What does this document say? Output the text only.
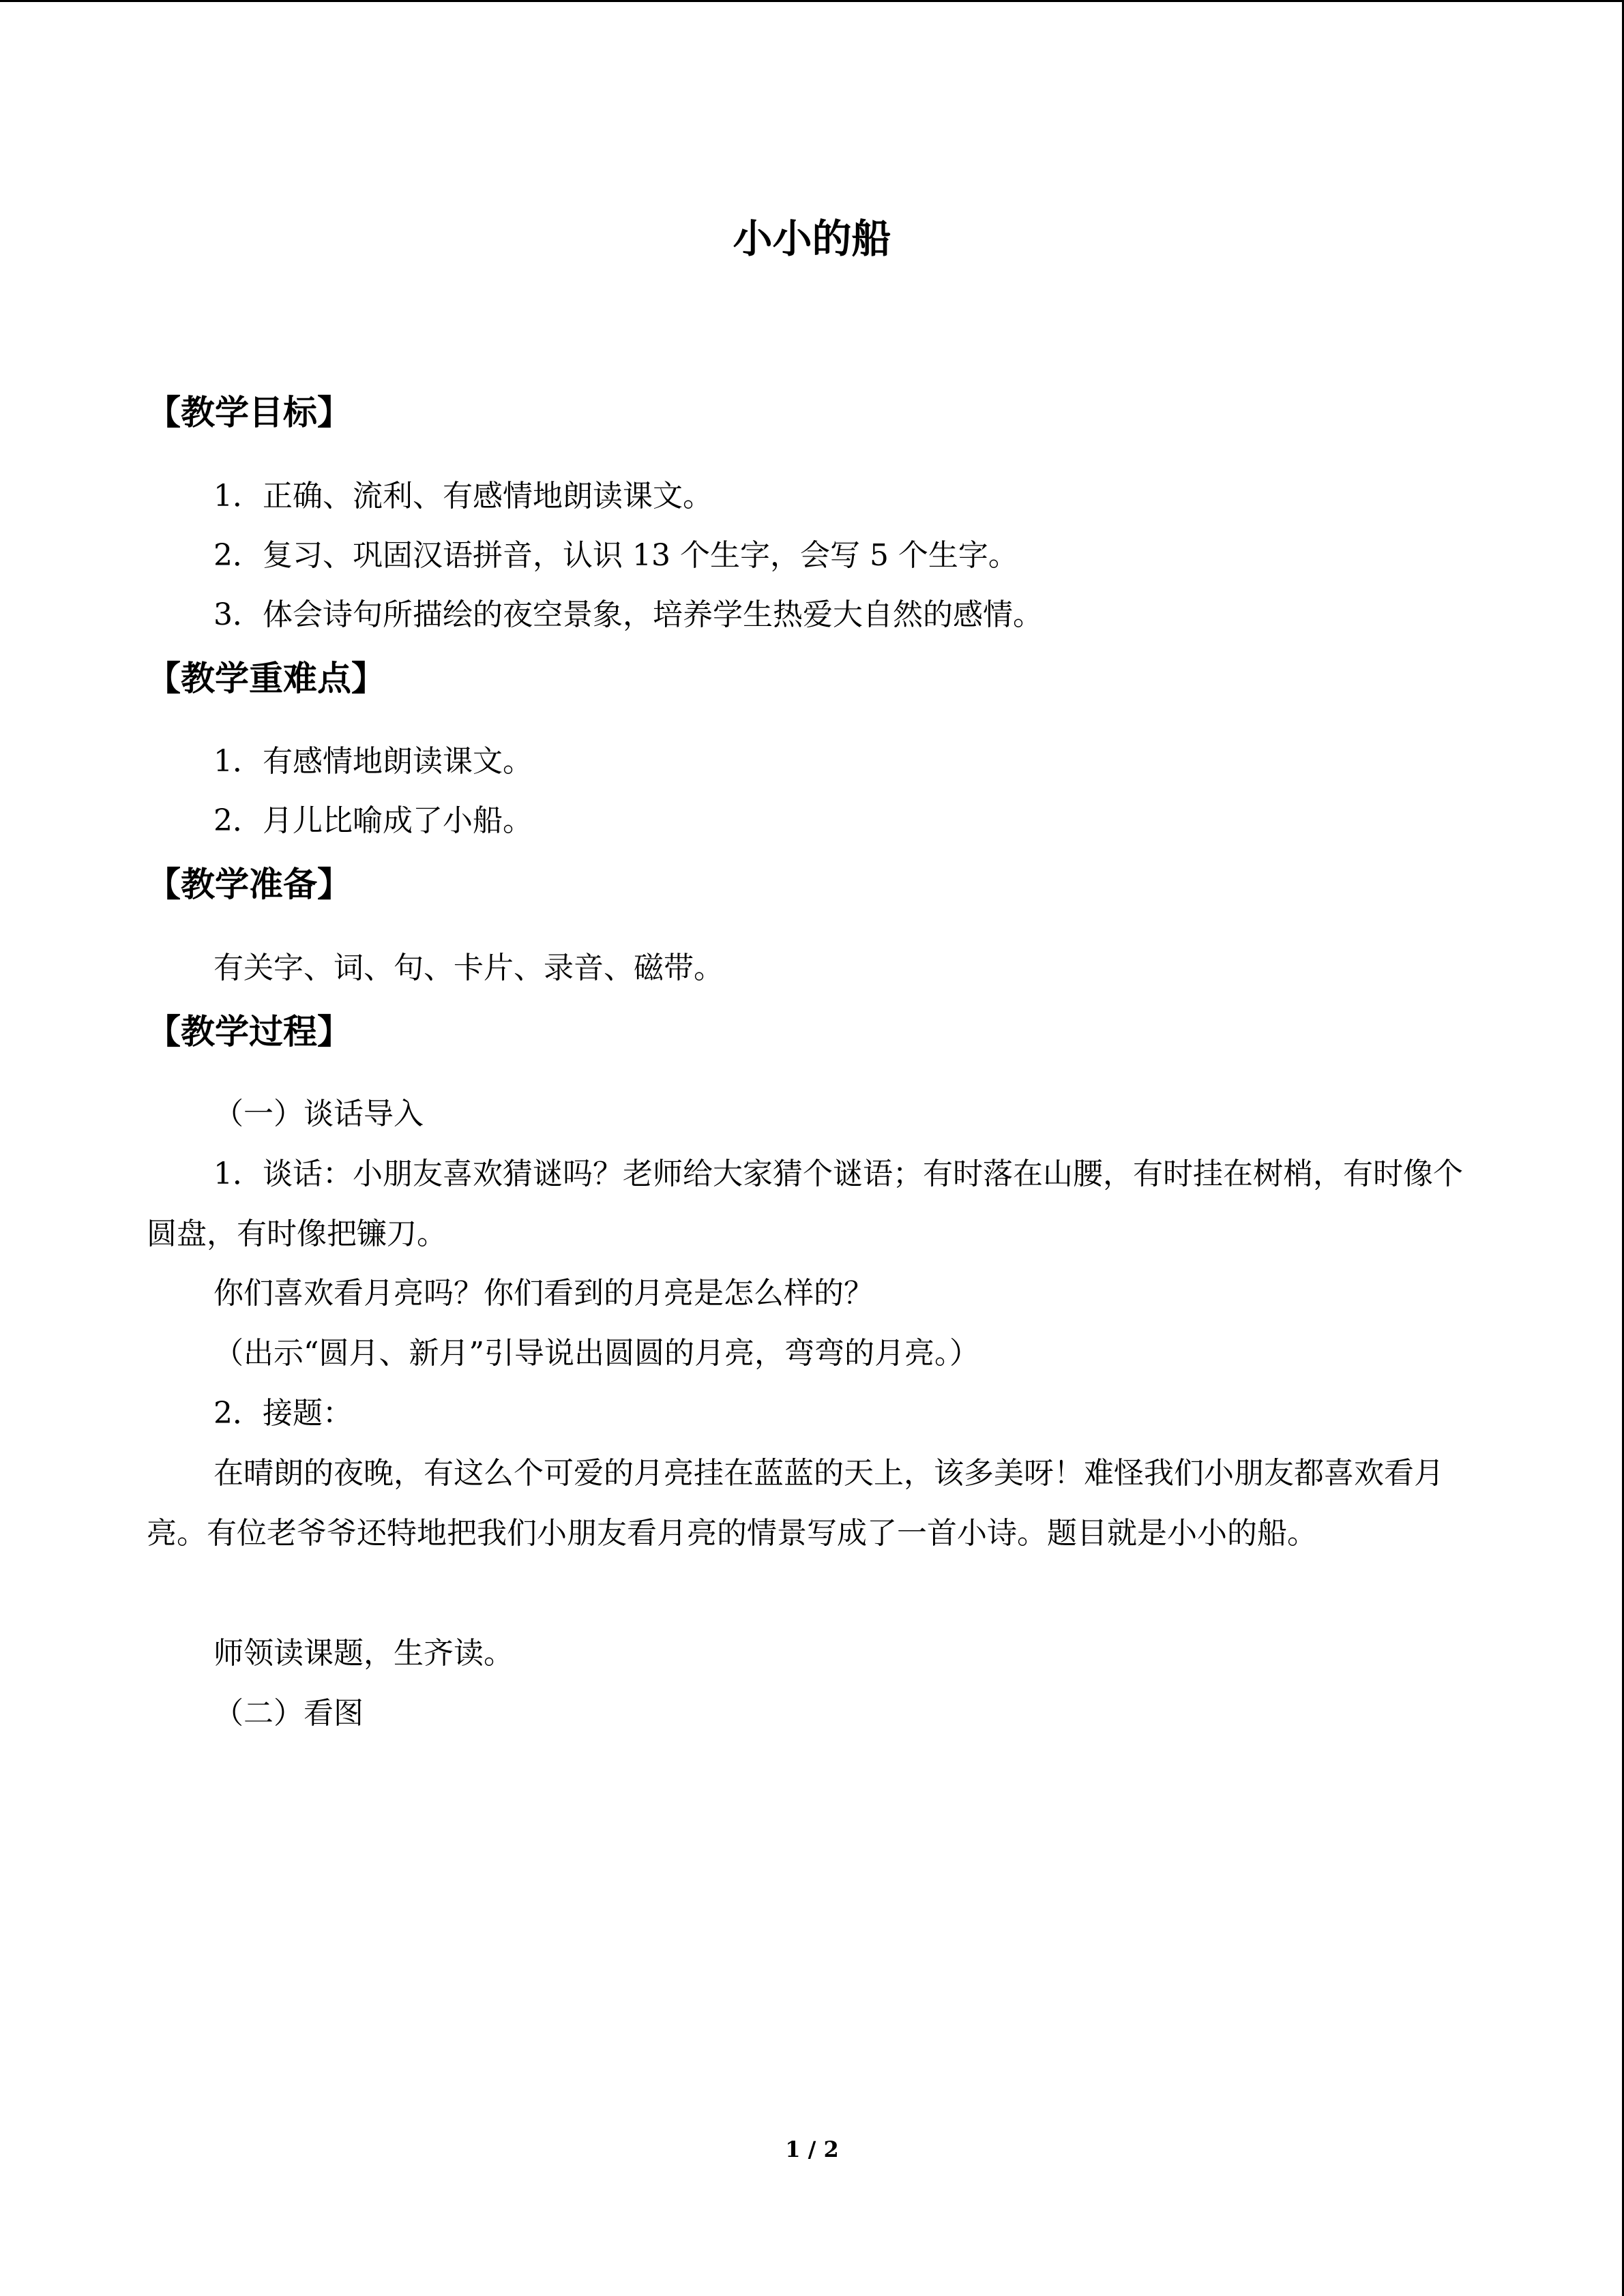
小小的船
【教学目标】

1．正确、流利、有感情地朗读课文。

2．复习、巩固汉语拼音，认识 13 个生字，会写 5 个生字。

3．体会诗句所描绘的夜空景象，培养学生热爱大自然的感情。

【教学重难点】

1．有感情地朗读课文。

2．月儿比喻成了小船。

【教学准备】

有关字、词、句、卡片、录音、磁带。

【教学过程】

（一）谈话导入

1．谈话：小朋友喜欢猜谜吗？老师给大家猜个谜语；有时落在山腰，有时挂在树梢，有时像个圆盘，有时像把镰刀。

你们喜欢看月亮吗？你们看到的月亮是怎么样的？

（出示“圆月、新月”引导说出圆圆的月亮，弯弯的月亮。）

2．接题：

在晴朗的夜晚，有这么个可爱的月亮挂在蓝蓝的天上，该多美呀！难怪我们小朋友都喜欢看月亮。有位老爷爷还特地把我们小朋友看月亮的情景写成了一首小诗。题目就是小小的船。

师领读课题，生齐读。

（二）看图

1 / 2
